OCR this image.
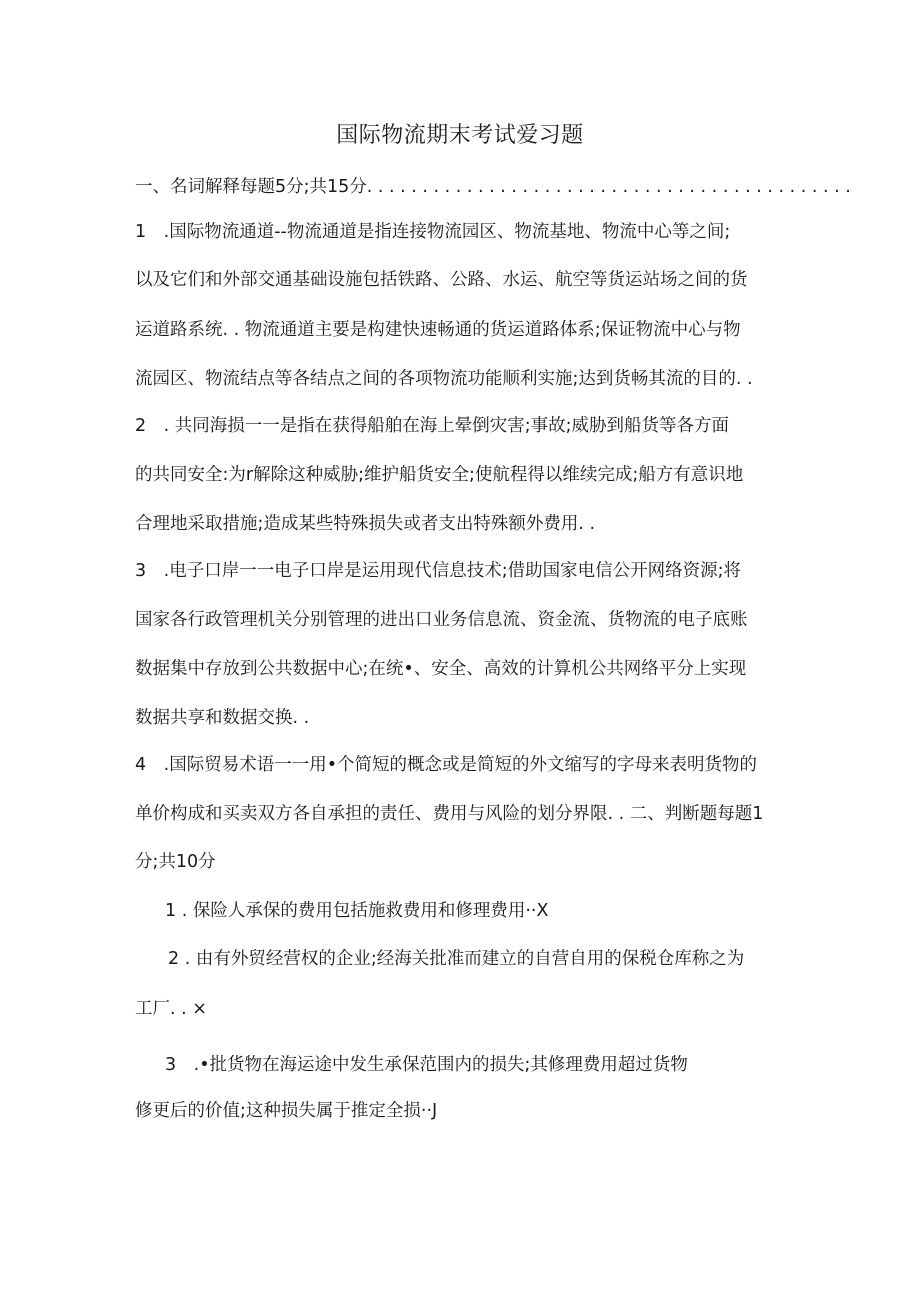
国际物流期末考试爱习题
一、名词解释每题5分;共15分. . . . . . . . . . . . . . . . . . . . . . . . . . . . . . . . . . . . . . . . . . . .
1　.国际物流通道--物流通道是指连接物流园区、物流基地、物流中心等之间;
以及它们和外部交通基础设施包括铁路、公路、水运、航空等货运站场之间的货
运道路系统. . 物流通道主要是构建快速畅通的货运道路体系;保证物流中心与物
流园区、物流结点等各结点之间的各项物流功能顺利实施;达到货畅其流的目的. .
2　. 共同海损一一是指在获得船舶在海上晕倒灾害;事故;威胁到船货等各方面
的共同安全:为r解除这种威胁;维护船货安全;使航程得以维续完成;船方有意识地
合理地采取措施;造成某些特殊损失或者支出特殊额外费用. .
3　.电子口岸一一电子口岸是运用现代信息技术;借助国家电信公开网络资源;将
国家各行政管理机关分别管理的进出口业务信息流、资金流、货物流的电子底账
数据集中存放到公共数据中心;在统•、安全、高效的计算机公共网络平分上实现
数据共享和数据交换. .
4　.国际贸易术语一一用•个简短的概念或是简短的外文缩写的字母来表明货物的
单价构成和买卖双方各自承担的责任、费用与风险的划分界限. . 二、判断题每题1
分;共10分
1 . 保险人承保的费用包括施救费用和修理费用··X
2 . 由有外贸经营权的企业;经海关批准而建立的自营自用的保税仓库称之为
工厂. . ×
3　.•批货物在海运途中发生承保范围内的损失;其修理费用超过货物
修更后的价值;这种损失属于推定全损··J
